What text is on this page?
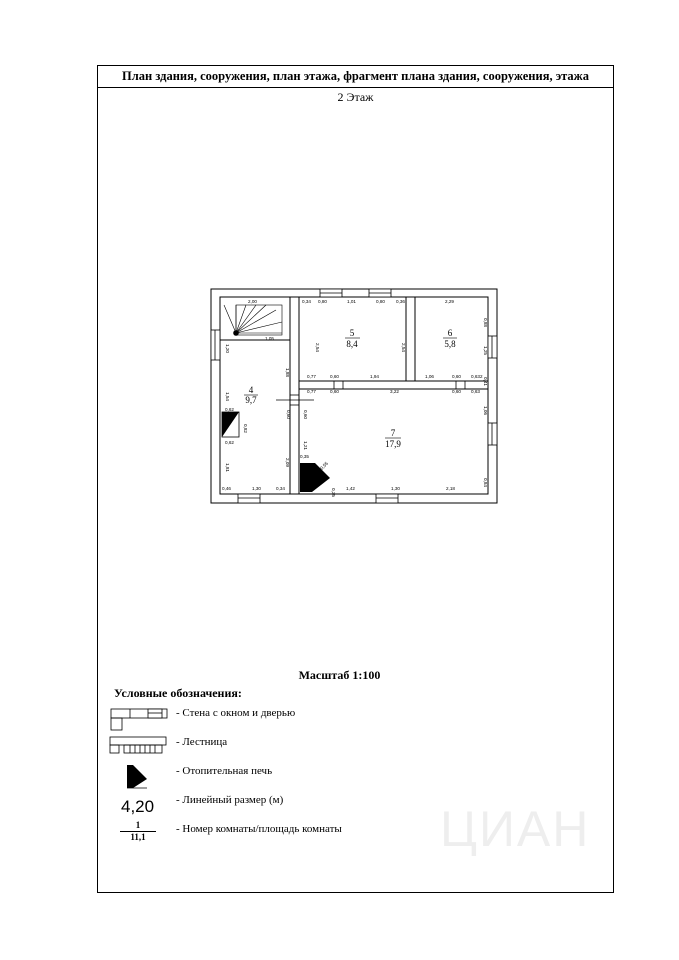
План здания, сооружения, план этажа, фрагмент плана здания, сооружения, этажа
2 Этаж
4
9,7
5
8,4
6
5,8
7
17,9
2,00	0,34 0,80	1,01	0,80 0,36	2,29
0,88
2,54	2,54	1,25
0,41
1,05
1,88	0,77	0,60	1,94	1,06	0,60 0,632
0,77	0,60	3,22	0,60 0,63
1,54
1,06
0,60	0,60
0,62
0,82
0,62	1,21
2,09
1,81
0,35
0,55
0,35 1,42	1,30	2,18
0,46	1,30	0,34
0,84
1,20
Масштаб 1:100
Условные обозначения:
- Стена с окном и дверью
- Лестница
- Отопительная печь
- Линейный размер (м)
- Номер комнаты/площадь комнаты
4,20
1
11,1	ЦИАН
